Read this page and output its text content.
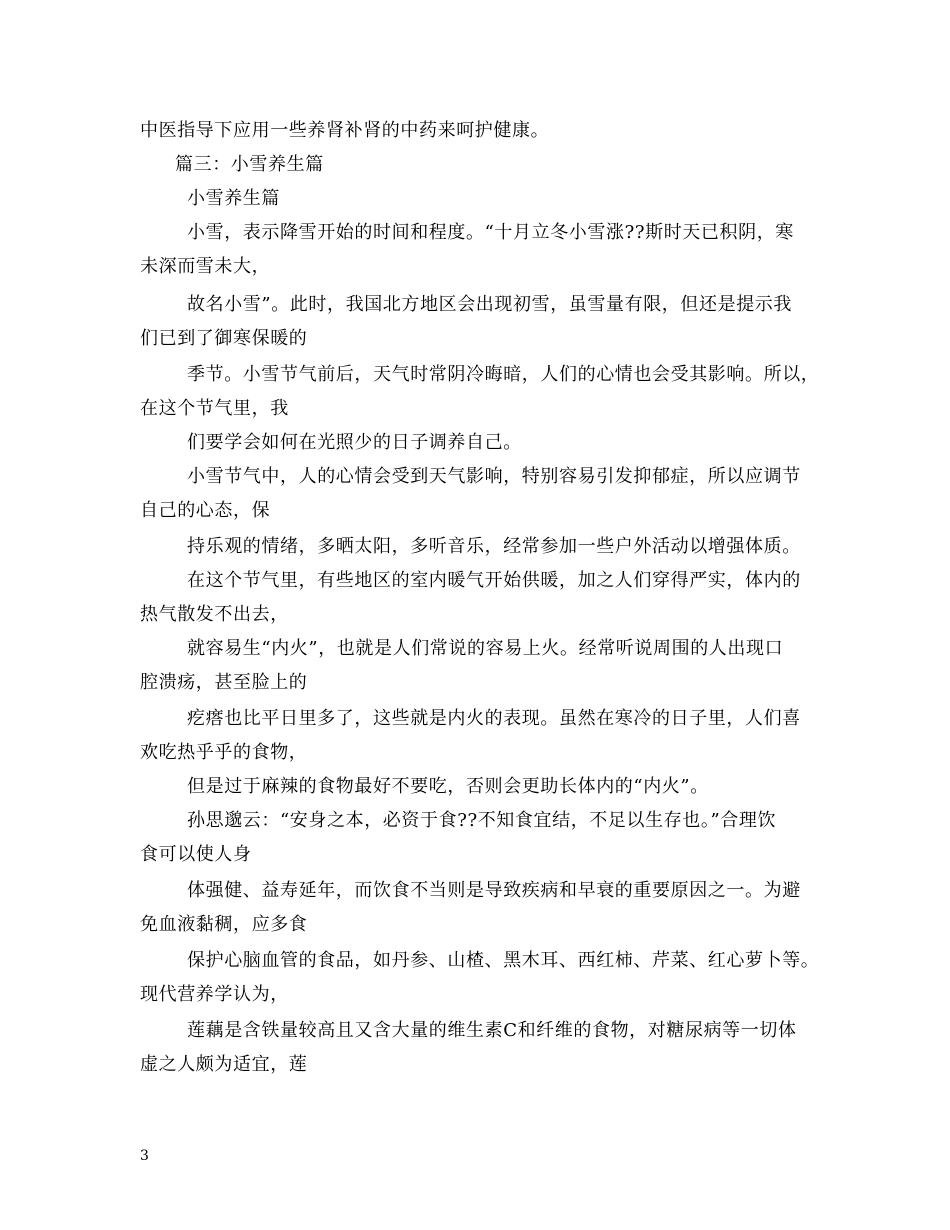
中医指导下应用一些养肾补肾的中药来呵护健康。
篇三：小雪养生篇
小雪养生篇
小雪，表示降雪开始的时间和程度。“十月立冬小雪涨??斯时天已积阴，寒
未深而雪未大，
故名小雪”。此时，我国北方地区会出现初雪，虽雪量有限，但还是提示我
们已到了御寒保暖的
季节。小雪节气前后，天气时常阴冷晦暗，人们的心情也会受其影响。所以，
在这个节气里，我
们要学会如何在光照少的日子调养自己。
小雪节气中，人的心情会受到天气影响，特别容易引发抑郁症，所以应调节
自己的心态，保
持乐观的情绪，多晒太阳，多听音乐，经常参加一些户外活动以增强体质。
在这个节气里，有些地区的室内暖气开始供暖，加之人们穿得严实，体内的
热气散发不出去，
就容易生“内火”，也就是人们常说的容易上火。经常听说周围的人出现口
腔溃疡，甚至脸上的
疙瘩也比平日里多了，这些就是内火的表现。虽然在寒冷的日子里，人们喜
欢吃热乎乎的食物，
但是过于麻辣的食物最好不要吃，否则会更助长体内的“内火”。
孙思邈云：“安身之本，必资于食??不知食宜结，不足以生存也。”合理饮
食可以使人身
体强健、益寿延年，而饮食不当则是导致疾病和早衰的重要原因之一。为避
免血液黏稠，应多食
保护心脑血管的食品，如丹参、山楂、黑木耳、西红柿、芹菜、红心萝卜等。
现代营养学认为，
莲藕是含铁量较高且又含大量的维生素C和纤维的食物，对糖尿病等一切体
虚之人颇为适宜，莲
3
